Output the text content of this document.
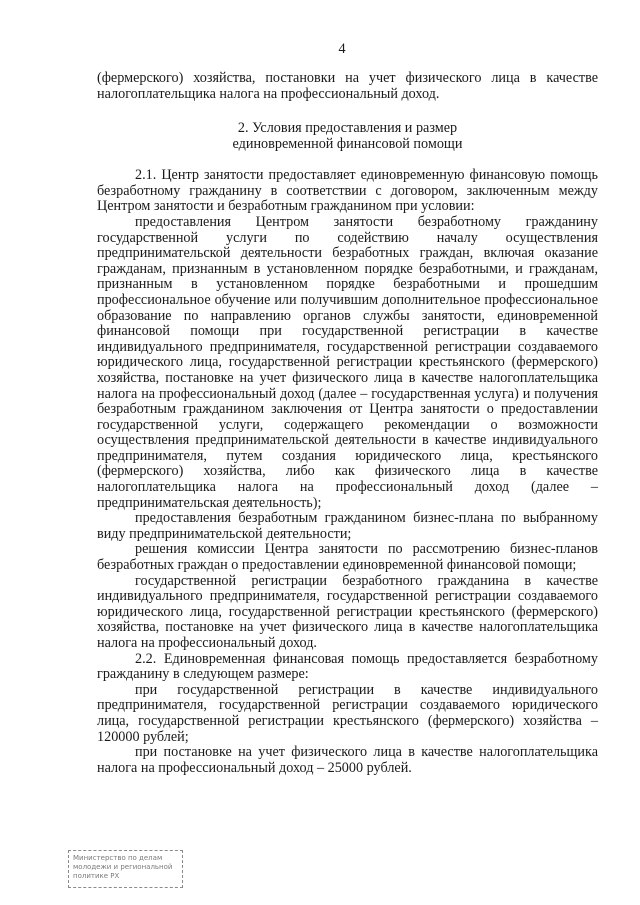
4

(фермерского) хозяйства, постановки на учет физического лица в качестве налогоплательщика налога на профессиональный доход.

2. Условия предоставления и размер
единовременной финансовой помощи

2.1. Центр занятости предоставляет единовременную финансовую помощь безработному гражданину в соответствии с договором, заключенным между Центром занятости и безработным гражданином при условии:

предоставления Центром занятости безработному гражданину государственной услуги по содействию началу осуществления предпринимательской деятельности безработных граждан, включая оказание гражданам, признанным в установленном порядке безработными, и гражданам, признанным в установленном порядке безработными и прошедшим профессиональное обучение или получившим дополнительное профессиональное образование по направлению органов службы занятости, единовременной финансовой помощи при государственной регистрации в качестве индивидуального предпринимателя, государственной регистрации создаваемого юридического лица, государственной регистрации крестьянского (фермерского) хозяйства, постановке на учет физического лица в качестве налогоплательщика налога на профессиональный доход (далее – государственная услуга) и получения безработным гражданином заключения от Центра занятости о предоставлении государственной услуги, содержащего рекомендации о возможности осуществления предпринимательской деятельности в качестве индивидуального предпринимателя, путем создания юридического лица, крестьянского (фермерского) хозяйства, либо как физического лица в качестве налогоплательщика налога на профессиональный доход (далее – предпринимательская деятельность);

предоставления безработным гражданином бизнес-плана по выбранному виду предпринимательской деятельности;

решения комиссии Центра занятости по рассмотрению бизнес-планов безработных граждан о предоставлении единовременной финансовой помощи;

государственной регистрации безработного гражданина в качестве индивидуального предпринимателя, государственной регистрации создаваемого юридического лица, государственной регистрации крестьянского (фермерского) хозяйства, постановке на учет физического лица в качестве налогоплательщика налога на профессиональный доход.

2.2. Единовременная финансовая помощь предоставляется безработному гражданину в следующем размере:

при государственной регистрации в качестве индивидуального предпринимателя, государственной регистрации создаваемого юридического лица, государственной регистрации крестьянского (фермерского) хозяйства – 120000 рублей;

при постановке на учет физического лица в качестве налогоплательщика налога на профессиональный доход – 25000 рублей.

Министерство по делам
молодежи и региональной
политике РХ
